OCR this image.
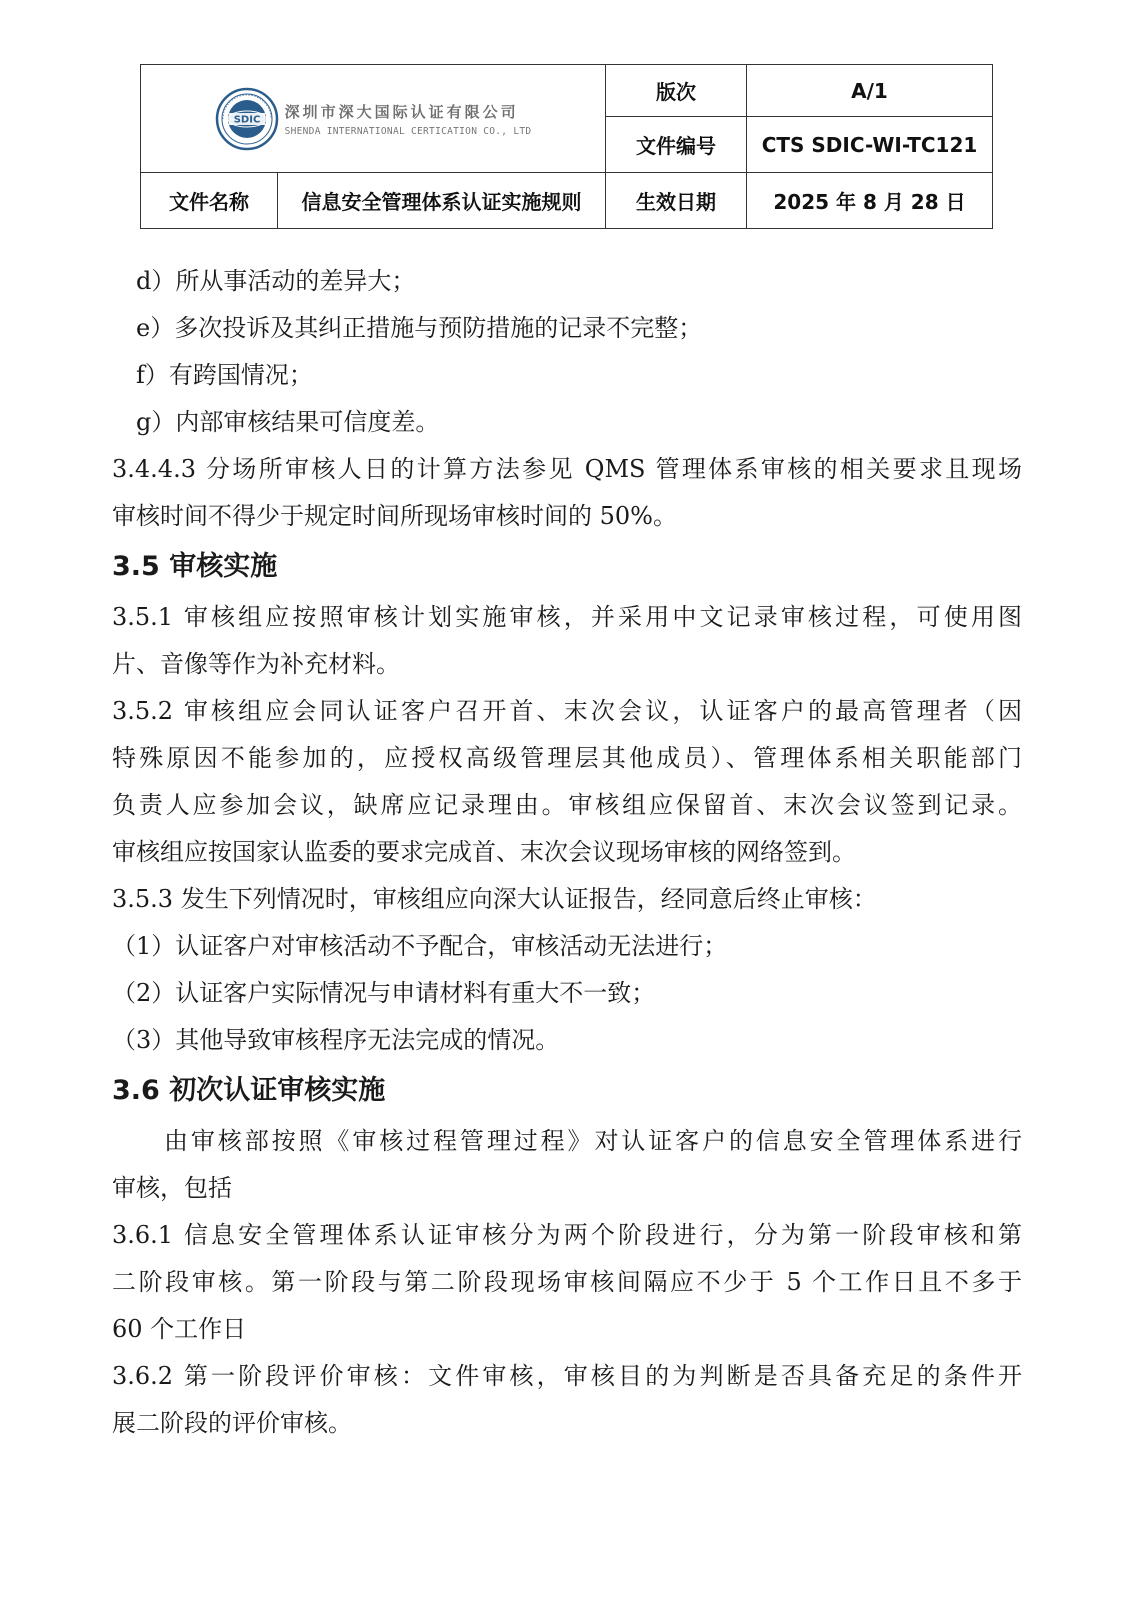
SDIC 深圳市深大国际认证有限公司
SHENDA INTERNATIONAL CERTICATION CO., LTD		版次	A/1
		文件编号	CTS SDIC-WI-TC121
文件名称	信息安全管理体系认证实施规则	生效日期	2025 年 8 月 28 日

d）所从事活动的差异大；

e）多次投诉及其纠正措施与预防措施的记录不完整；

f）有跨国情况；

g）内部审核结果可信度差。

3.4.4.3 分场所审核人日的计算方法参见 QMS 管理体系审核的相关要求且现场

审核时间不得少于规定时间所现场审核时间的 50%。

3.5 审核实施

3.5.1 审核组应按照审核计划实施审核，并采用中文记录审核过程，可使用图

片、音像等作为补充材料。

3.5.2 审核组应会同认证客户召开首、末次会议，认证客户的最高管理者（因

特殊原因不能参加的，应授权高级管理层其他成员）、管理体系相关职能部门

负责人应参加会议，缺席应记录理由。审核组应保留首、末次会议签到记录。

审核组应按国家认监委的要求完成首、末次会议现场审核的网络签到。

3.5.3 发生下列情况时，审核组应向深大认证报告，经同意后终止审核：

（1）认证客户对审核活动不予配合，审核活动无法进行；

（2）认证客户实际情况与申请材料有重大不一致；

（3）其他导致审核程序无法完成的情况。

3.6 初次认证审核实施

由审核部按照《审核过程管理过程》对认证客户的信息安全管理体系进行

审核，包括

3.6.1 信息安全管理体系认证审核分为两个阶段进行，分为第一阶段审核和第

二阶段审核。第一阶段与第二阶段现场审核间隔应不少于 5 个工作日且不多于

60 个工作日

3.6.2 第一阶段评价审核：文件审核，审核目的为判断是否具备充足的条件开

展二阶段的评价审核。
